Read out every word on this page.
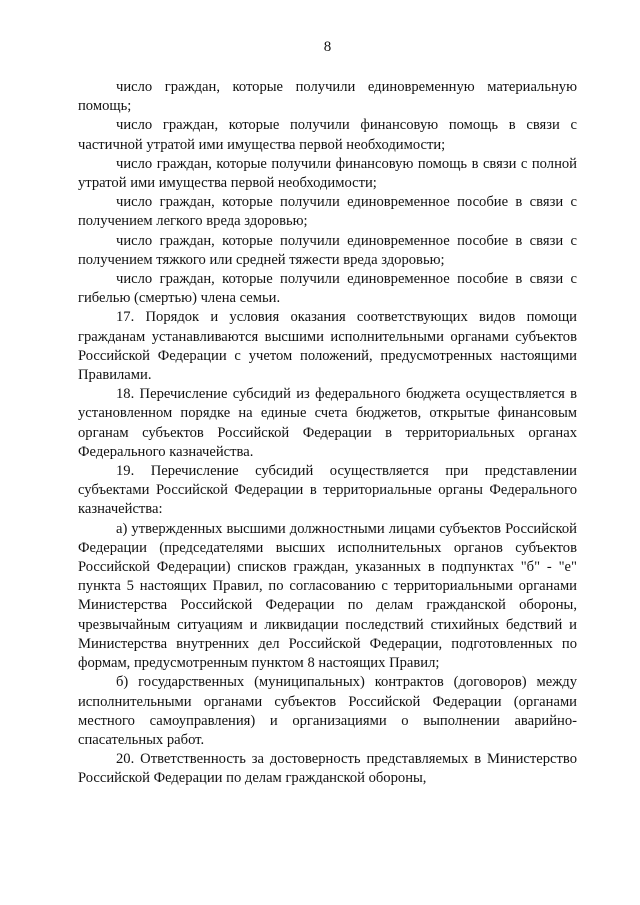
8

число граждан, которые получили единовременную материальную помощь;

число граждан, которые получили финансовую помощь в связи с частичной утратой ими имущества первой необходимости;

число граждан, которые получили финансовую помощь в связи с полной утратой ими имущества первой необходимости;

число граждан, которые получили единовременное пособие в связи с получением легкого вреда здоровью;

число граждан, которые получили единовременное пособие в связи с получением тяжкого или средней тяжести вреда здоровью;

число граждан, которые получили единовременное пособие в связи с гибелью (смертью) члена семьи.

17. Порядок и условия оказания соответствующих видов помощи гражданам устанавливаются высшими исполнительными органами субъектов Российской Федерации с учетом положений, предусмотренных настоящими Правилами.

18. Перечисление субсидий из федерального бюджета осуществляется в установленном порядке на единые счета бюджетов, открытые финансовым органам субъектов Российской Федерации в территориальных органах Федерального казначейства.

19. Перечисление субсидий осуществляется при представлении субъектами Российской Федерации в территориальные органы Федерального казначейства:

а) утвержденных высшими должностными лицами субъектов Российской Федерации (председателями высших исполнительных органов субъектов Российской Федерации) списков граждан, указанных в подпунктах "б" - "е" пункта 5 настоящих Правил, по согласованию с территориальными органами Министерства Российской Федерации по делам гражданской обороны, чрезвычайным ситуациям и ликвидации последствий стихийных бедствий и Министерства внутренних дел Российской Федерации, подготовленных по формам, предусмотренным пунктом 8 настоящих Правил;

б) государственных (муниципальных) контрактов (договоров) между исполнительными органами субъектов Российской Федерации (органами местного самоуправления) и организациями о выполнении аварийно-спасательных работ.

20. Ответственность за достоверность представляемых в Министерство Российской Федерации по делам гражданской обороны,
